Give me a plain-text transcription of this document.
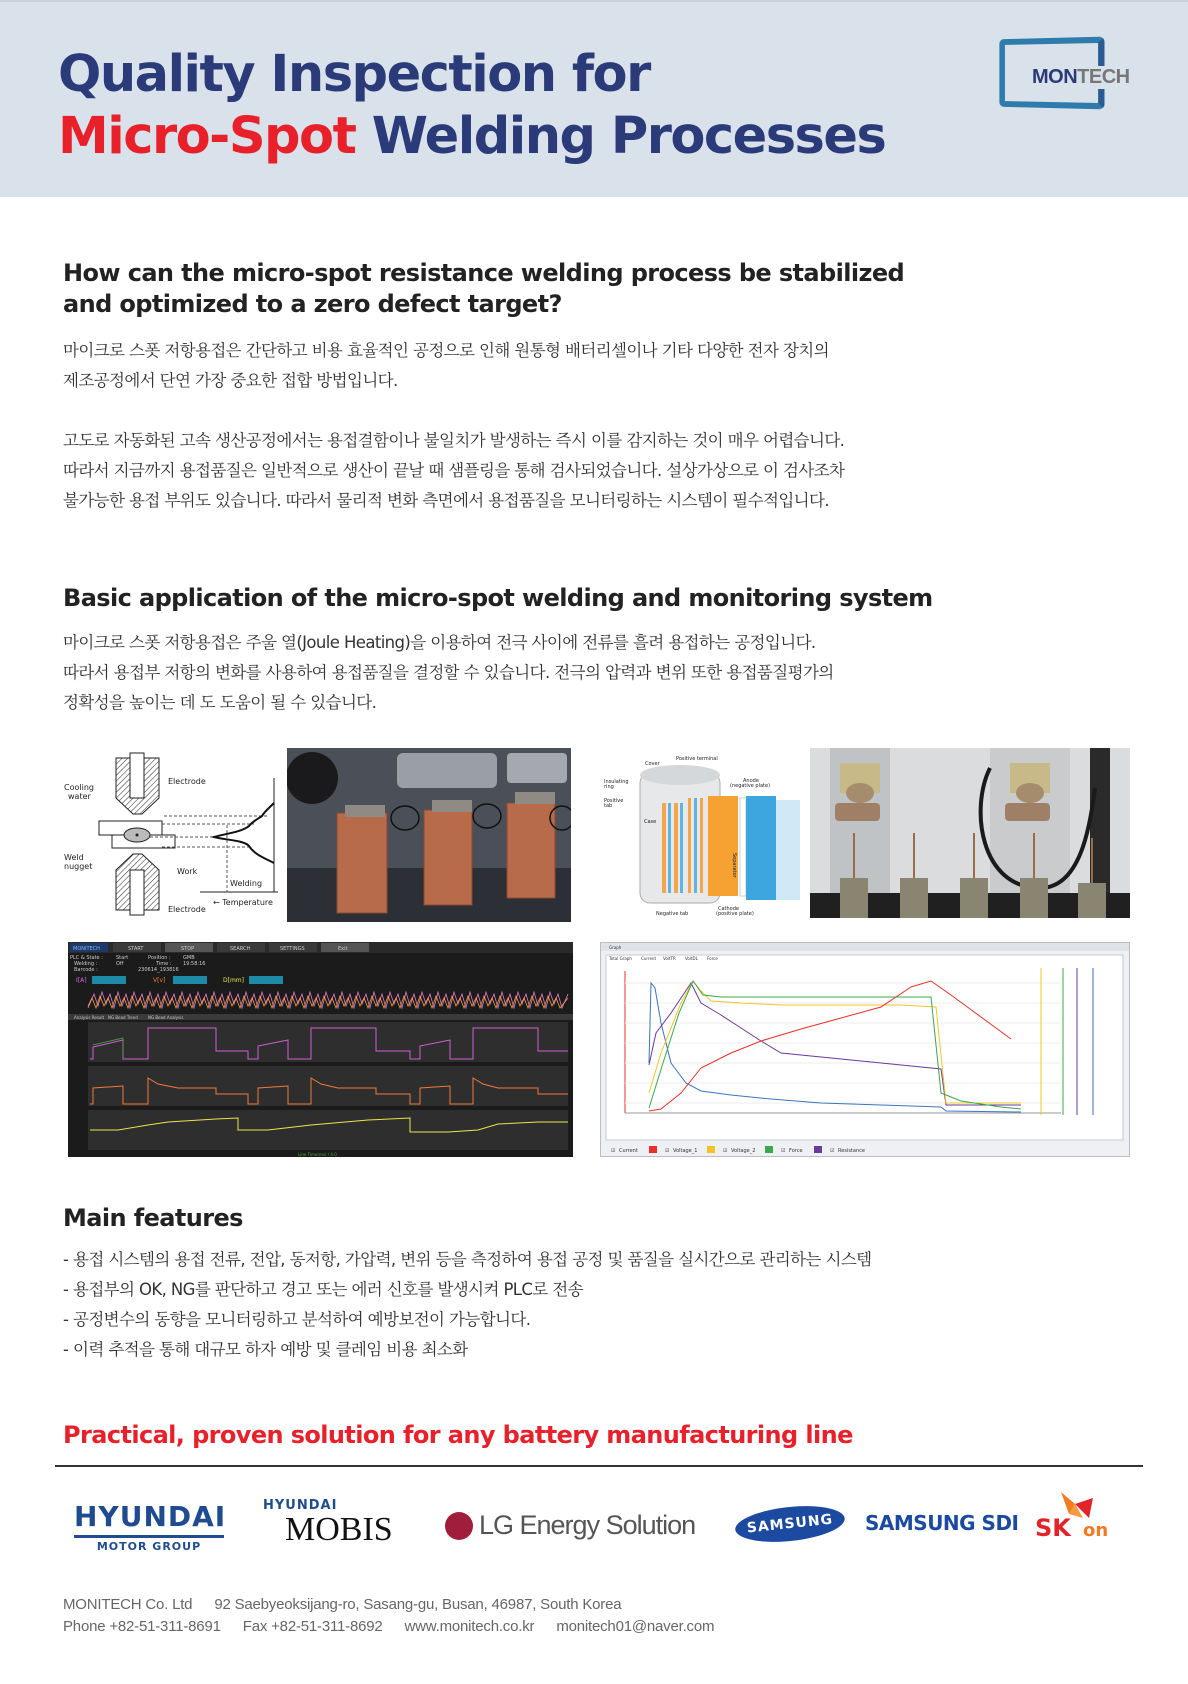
Quality Inspection for
Micro-Spot Welding Processes
MONTECH
How can the micro-spot resistance welding process be stabilized
and optimized to a zero defect target?
마이크로 스폿 저항용접은 간단하고 비용 효율적인 공정으로 인해 원통형 배터리셀이나 기타 다양한 전자 장치의
제조공정에서 단연 가장 중요한 접합 방법입니다.
고도로 자동화된 고속 생산공정에서는 용접결함이나 불일치가 발생하는 즉시 이를 감지하는 것이 매우 어렵습니다.
따라서 지금까지 용접품질은 일반적으로 생산이 끝날 때 샘플링을 통해 검사되었습니다. 설상가상으로 이 검사조차
불가능한 용접 부위도 있습니다. 따라서 물리적 변화 측면에서 용접품질을 모니터링하는 시스템이 필수적입니다.
Basic application of the micro-spot welding and monitoring system
마이크로 스폿 저항용접은 주울 열(Joule Heating)을 이용하여 전극 사이에 전류를 흘려 용접하는 공정입니다.
따라서 용접부 저항의 변화를 사용하여 용접품질을 결정할 수 있습니다. 전극의 압력과 변위 또한 용접품질평가의
정확성을 높이는 데 도 도움이 될 수 있습니다.
Cooling
water
Electrode
Weld
nugget
Work
Welding
← Temperature
Electrode
Cover
Positive terminal
Insulating
ring
Positive
tab
Case
Anode
(negative plate)
Cathode
(positive plate)
Negative tab
Separator
MONITECH	START	STOP	SEARCH	SETTINGS	Exit
PLC & State :	Start
Welding :	Off
Barcode :	230614_193816
Position : GMB
Time : 19:58:16
I[A]	V[v]	D[mm]
Analysis Result NG Bead Trend	NG Bead Analysis
Line Time(ms) / 4.0
Graph
Total Graph Current VoltTR VoltDL Force
☑ Current	☑ Voltage_1	☑ Voltage_2	☑ Force	☑ Resistance
Main features
- 용접 시스템의 용접 전류, 전압, 동저항, 가압력, 변위 등을 측정하여 용접 공정 및 품질을 실시간으로 관리하는 시스템
- 용접부의 OK, NG를 판단하고 경고 또는 에러 신호를 발생시켜 PLC로 전송
- 공정변수의 동향을 모니터링하고 분석하여 예방보전이 가능합니다.
- 이력 추적을 통해 대규모 하자 예방 및 클레임 비용 최소화
Practical, proven solution for any battery manufacturing line
HYUNDAI
MOTOR GROUP
HYUNDAI
MOBIS	LG Energy Solution	SAMSUNG SAMSUNG SDI SK on
MONITECH Co. Ltd 92 Saebyeoksijang-ro, Sasang-gu, Busan, 46987, South Korea
Phone +82-51-311-8691 Fax +82-51-311-8692 www.monitech.co.kr monitech01@naver.com
